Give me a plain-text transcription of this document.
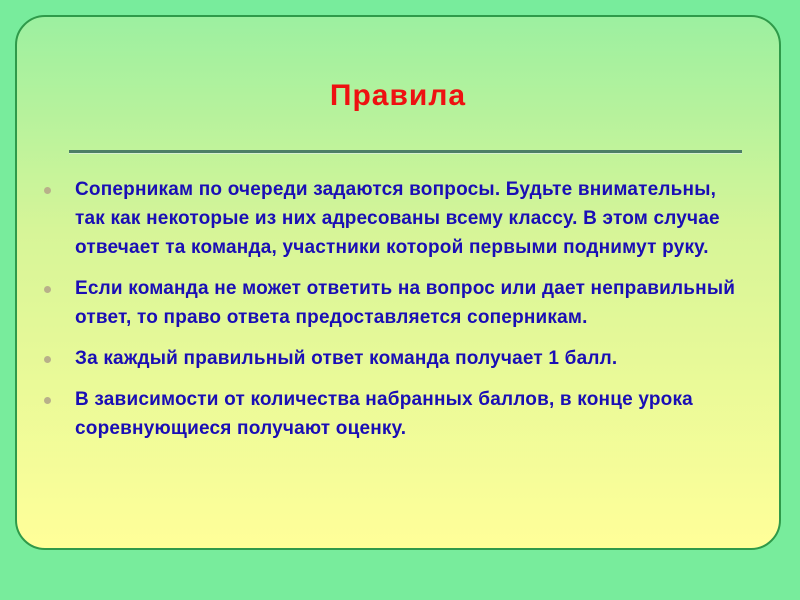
Правила
Соперникам по очереди задаются вопросы. Будьте внимательны, так как некоторые из них адресованы всему классу. В этом случае отвечает та команда, участники которой первыми поднимут руку.
Если команда не может ответить на вопрос или дает неправильный ответ, то право ответа предоставляется соперникам.
За каждый правильный ответ команда получает 1 балл.
В зависимости от количества набранных баллов, в конце урока соревнующиеся получают оценку.
